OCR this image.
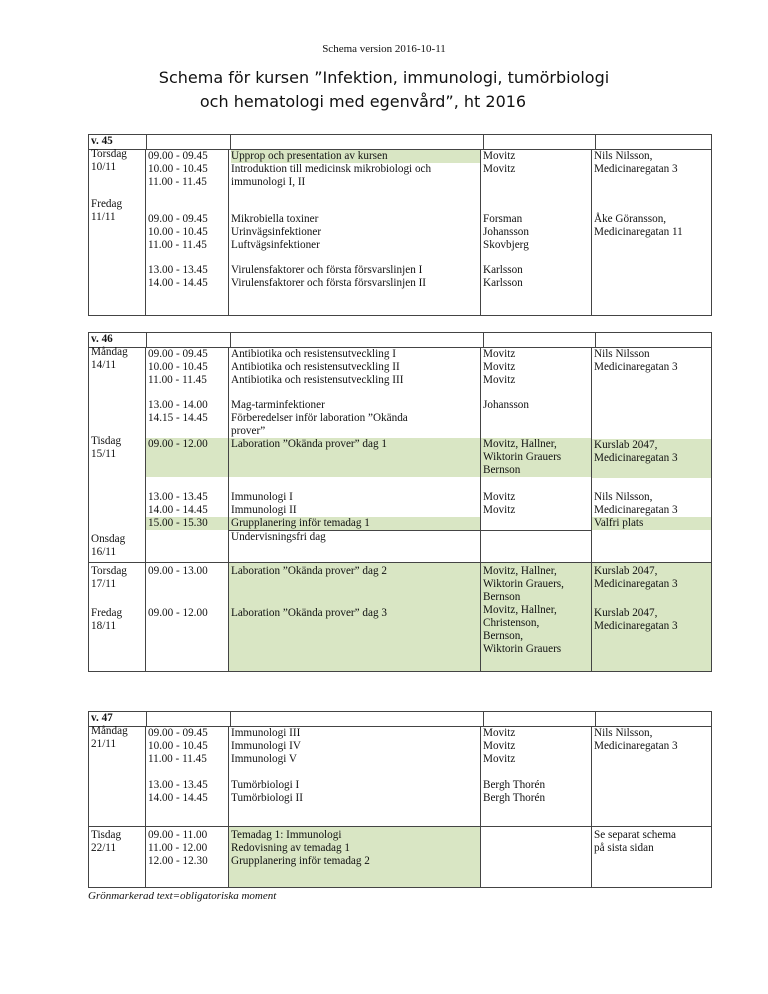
Schema version 2016-10-11
Schema för kursen ”Infektion, immunologi, tumörbiologi
och hematologi med egenvård”, ht 2016
v. 45
Torsdag
10/11
Fredag
11/11
09.00 - 09.45
10.00 - 10.45
11.00 - 11.45
09.00 - 09.45
10.00 - 10.45
11.00 - 11.45
13.00 - 13.45
14.00 - 14.45
Upprop och presentation av kursen
Introduktion till medicinsk mikrobiologi och
immunologi I, II
Mikrobiella toxiner
Urinvägsinfektioner
Luftvägsinfektioner
Virulensfaktorer och första försvarslinjen I
Virulensfaktorer och första försvarslinjen II
Movitz
Movitz
Forsman
Johansson
Skovbjerg
Karlsson
Karlsson
Nils Nilsson,
Medicinaregatan 3
Åke Göransson,
Medicinaregatan 11
v. 46
Måndag
14/11
Tisdag
15/11
09.00 - 09.45
10.00 - 10.45
11.00 - 11.45
13.00 - 14.00
14.15 - 14.45
09.00 - 12.00
Antibiotika och resistensutveckling I
Antibiotika och resistensutveckling II
Antibiotika och resistensutveckling III
Mag-tarminfektioner
Förberedelser inför laboration ”Okända
prover”
Laboration ”Okända prover” dag 1
Movitz
Movitz
Movitz
Johansson
Movitz, Hallner,
Wiktorin Grauers
Bernson
Nils Nilsson
Medicinaregatan 3
Kurslab 2047,
Medicinaregatan 3
Onsdag
16/11
13.00 - 13.45
14.00 - 14.45
15.00 - 15.30
Immunologi I
Immunologi II
Grupplanering inför temadag 1
Undervisningsfri dag
Movitz
Movitz
Nils Nilsson,
Medicinaregatan 3
Valfri plats
Torsdag
17/11
Fredag
18/11
09.00 - 13.00
09.00 - 12.00
Laboration ”Okända prover” dag 2
Laboration ”Okända prover” dag 3
Movitz, Hallner,
Wiktorin Grauers,
Bernson
Movitz, Hallner,
Christenson,
Bernson,
Wiktorin Grauers
Kurslab 2047,
Medicinaregatan 3
Kurslab 2047,
Medicinaregatan 3
v. 47
Måndag
21/11
09.00 - 09.45
10.00 - 10.45
11.00 - 11.45
13.00 - 13.45
14.00 - 14.45
Immunologi III
Immunologi IV
Immunologi V
Tumörbiologi I
Tumörbiologi II
Movitz
Movitz
Movitz
Bergh Thorén
Bergh Thorén
Nils Nilsson,
Medicinaregatan 3
Tisdag
22/11
09.00 - 11.00
11.00 - 12.00
12.00 - 12.30
Temadag 1: Immunologi
Redovisning av temadag 1
Grupplanering inför temadag 2
Se separat schema
på sista sidan
Grönmarkerad text=obligatoriska moment
